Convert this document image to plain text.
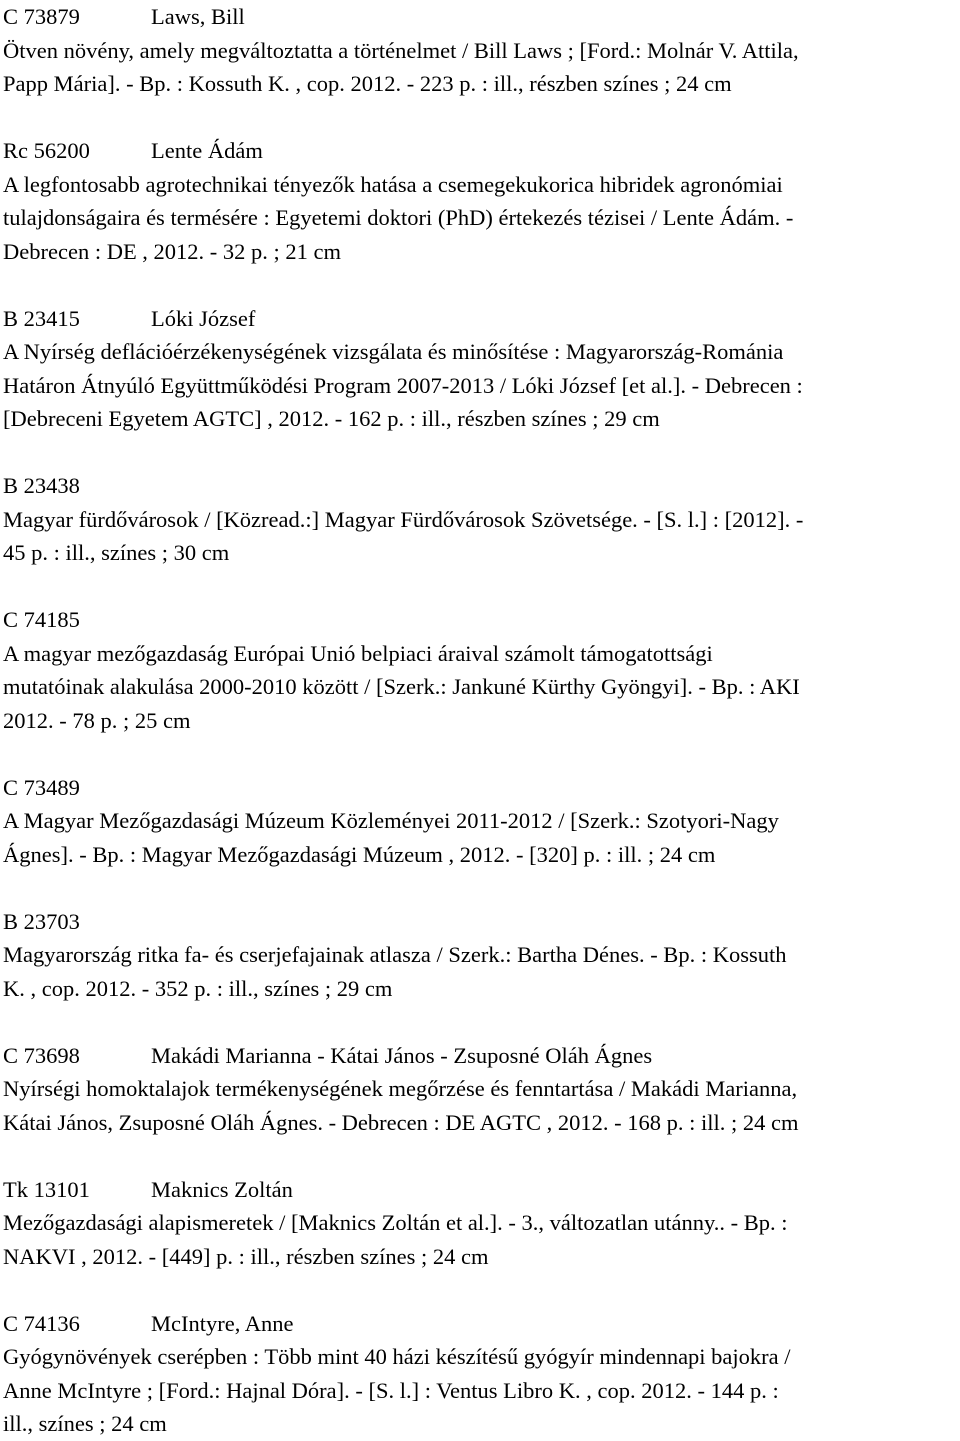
C 73879	Laws, Bill
Ötven növény, amely megváltoztatta a történelmet / Bill Laws ; [Ford.: Molnár V. Attila,
Papp Mária]. - Bp. : Kossuth K. , cop. 2012. - 223 p. : ill., részben színes ; 24 cm
Rc 56200	Lente Ádám
A legfontosabb agrotechnikai tényezők hatása a csemegekukorica hibridek agronómiai
tulajdonságaira és termésére : Egyetemi doktori (PhD) értekezés tézisei / Lente Ádám. -
Debrecen : DE , 2012. - 32 p. ; 21 cm
B 23415	Lóki József
A Nyírség deflációérzékenységének vizsgálata és minősítése : Magyarország-Románia
Határon Átnyúló Együttműködési Program 2007-2013 / Lóki József [et al.]. - Debrecen :
[Debreceni Egyetem AGTC] , 2012. - 162 p. : ill., részben színes ; 29 cm
B 23438
Magyar fürdővárosok / [Közread.:] Magyar Fürdővárosok Szövetsége. - [S. l.] : [2012]. -
45 p. : ill., színes ; 30 cm
C 74185
A magyar mezőgazdaság Európai Unió belpiaci áraival számolt támogatottsági
mutatóinak alakulása 2000-2010 között / [Szerk.: Jankuné Kürthy Gyöngyi]. - Bp. : AKI
2012. - 78 p. ; 25 cm
C 73489
A Magyar Mezőgazdasági Múzeum Közleményei 2011-2012 / [Szerk.: Szotyori-Nagy
Ágnes]. - Bp. : Magyar Mezőgazdasági Múzeum , 2012. - [320] p. : ill. ; 24 cm
B 23703
Magyarország ritka fa- és cserjefajainak atlasza / Szerk.: Bartha Dénes. - Bp. : Kossuth
K. , cop. 2012. - 352 p. : ill., színes ; 29 cm
C 73698	Makádi Marianna - Kátai János - Zsuposné Oláh Ágnes
Nyírségi homoktalajok termékenységének megőrzése és fenntartása / Makádi Marianna,
Kátai János, Zsuposné Oláh Ágnes. - Debrecen : DE AGTC , 2012. - 168 p. : ill. ; 24 cm
Tk 13101	Maknics Zoltán
Mezőgazdasági alapismeretek / [Maknics Zoltán et al.]. - 3., változatlan utánny.. - Bp. :
NAKVI , 2012. - [449] p. : ill., részben színes ; 24 cm
C 74136	McIntyre, Anne
Gyógynövények cserépben : Több mint 40 házi készítésű gyógyír mindennapi bajokra /
Anne McIntyre ; [Ford.: Hajnal Dóra]. - [S. l.] : Ventus Libro K. , cop. 2012. - 144 p. :
ill., színes ; 24 cm
